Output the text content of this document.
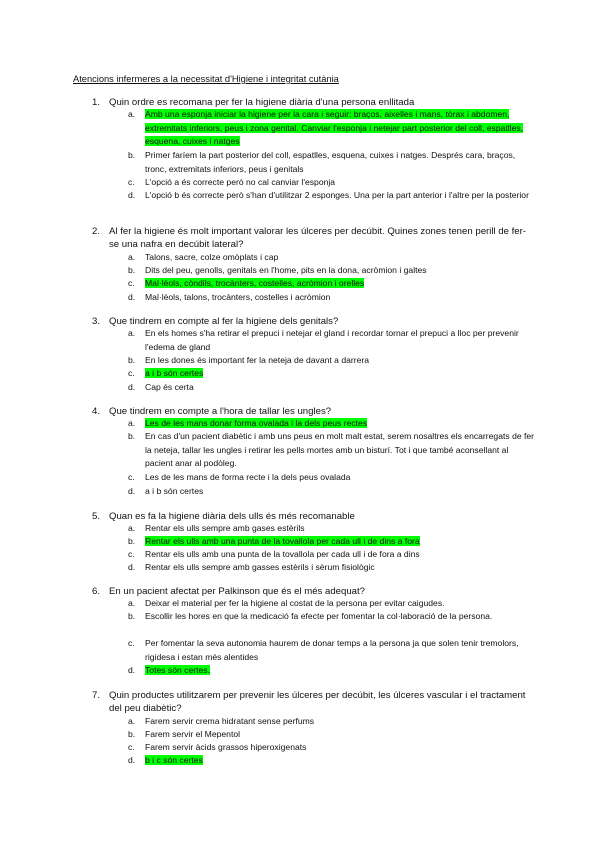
Atencions infermeres a la necessitat d'Higiene i integritat cutània
1. Quin ordre es recomana per fer la higiene diària d'una persona enllitada
2. Al fer la higiene és molt important valorar les úlceres per decúbit. Quines zones tenen perill de fer-se una nafra en decúbit lateral?
3. Que tindrem en compte al fer la higiene dels genitals?
4. Que tindrem en compte a l'hora de tallar les ungles?
5. Quan es fa la higiene diària dels ulls és més recomanable
6. En un pacient afectat per Palkinson que és el més adequat?
7. Quin productes utilitzarem per prevenir les úlceres per decúbit, les úlceres vascular i el tractament del peu diabètic?
a. Amb una esponja iniciar la higiene per la cara i seguir: braços, aixelles i mans, tòrax i abdomen, extremitats inferiors, peus i zona genital. Canviar l'esponja i netejar part posterior del coll, espatlles, esquena, cuixes i natges
b. Primer faríem la part posterior del coll, espatlles, esquena, cuixes i natges. Després cara, braços, tronc, extremitats inferiors, peus i genitals
c. L'opció a és correcte però no cal canviar l'esponja
d. L'opció b és correcte però s'han d'utilitzar 2 esponges. Una per la part anterior i l'altre per la posterior
a. Talons, sacre, colze omòplats i cap
b. Dits del peu, genolls, genitals en l'home, pits en la dona, acròmion i galtes
c. Mal·lèols, còndils, trocànters, costelles, acròmion i orelles
d. Mal·lèols, talons, trocànters, costelles i acròmion
a. En els homes s'ha retirar el prepuci i netejar el gland i recordar tornar el prepuci a lloc per prevenir l'edema de gland
b. En les dones és important fer la neteja de davant a darrera
c. a i b són certes
d. Cap és certa
a. Les de les mans donar forma ovalada i la dels peus rectes
b. En cas d'un pacient diabètic i amb uns peus en molt malt estat, serem nosaltres els encarregats de fer la neteja, tallar les ungles i retirar les pells mortes amb un bisturí. Tot i que també aconsellant al pacient anar al podòleg.
c. Les de les mans de forma recte i la dels peus ovalada
d. a i b són certes
a. Rentar els ulls sempre amb gases estèrils
b. Rentar els ulls amb una punta de la tovallola per cada ull i de dins a fora
c. Rentar els ulls amb una punta de la tovallola per cada ull i de fora a dins
d. Rentar els ulls sempre amb gasses estèrils i sèrum fisiològic
a. Deixar el material per fer la higiene al costat de la persona per evitar caigudes.
b. Escollir les hores en que la medicació fa efecte per fomentar la col·laboració de la persona.
c. Per fomentar la seva autonomia haurem de donar temps a la persona ja que solen tenir tremolors, rigidesa i estan més alentides
d. Totes són certes.
a. Farem servir crema hidratant sense perfums
b. Farem servir el Mepentol
c. Farem servir àcids grassos hiperoxigenats
d. b i c són certes
